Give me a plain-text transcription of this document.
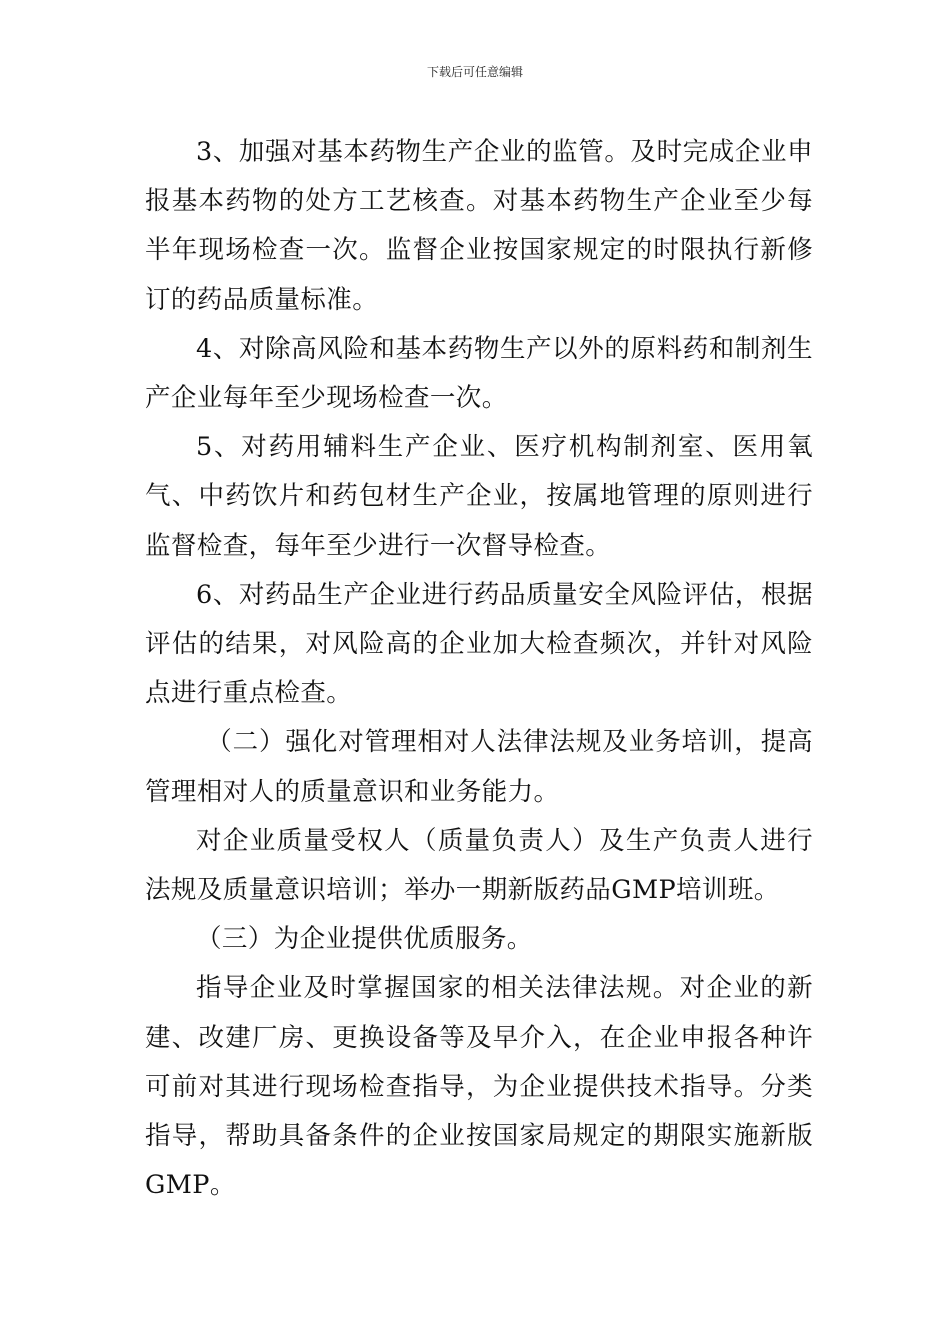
下载后可任意编辑

3、加强对基本药物生产企业的监管。及时完成企业申报基本药物的处方工艺核查。对基本药物生产企业至少每半年现场检查一次。监督企业按国家规定的时限执行新修订的药品质量标准。

4、对除高风险和基本药物生产以外的原料药和制剂生产企业每年至少现场检查一次。

5、对药用辅料生产企业、医疗机构制剂室、医用氧气、中药饮片和药包材生产企业，按属地管理的原则进行监督检查，每年至少进行一次督导检查。

6、对药品生产企业进行药品质量安全风险评估，根据评估的结果，对风险高的企业加大检查频次，并针对风险点进行重点检查。

（二）强化对管理相对人法律法规及业务培训，提高管理相对人的质量意识和业务能力。

对企业质量受权人（质量负责人）及生产负责人进行法规及质量意识培训；举办一期新版药品GMP培训班。

（三）为企业提供优质服务。

指导企业及时掌握国家的相关法律法规。对企业的新建、改建厂房、更换设备等及早介入，在企业申报各种许可前对其进行现场检查指导，为企业提供技术指导。分类指导，帮助具备条件的企业按国家局规定的期限实施新版GMP。
